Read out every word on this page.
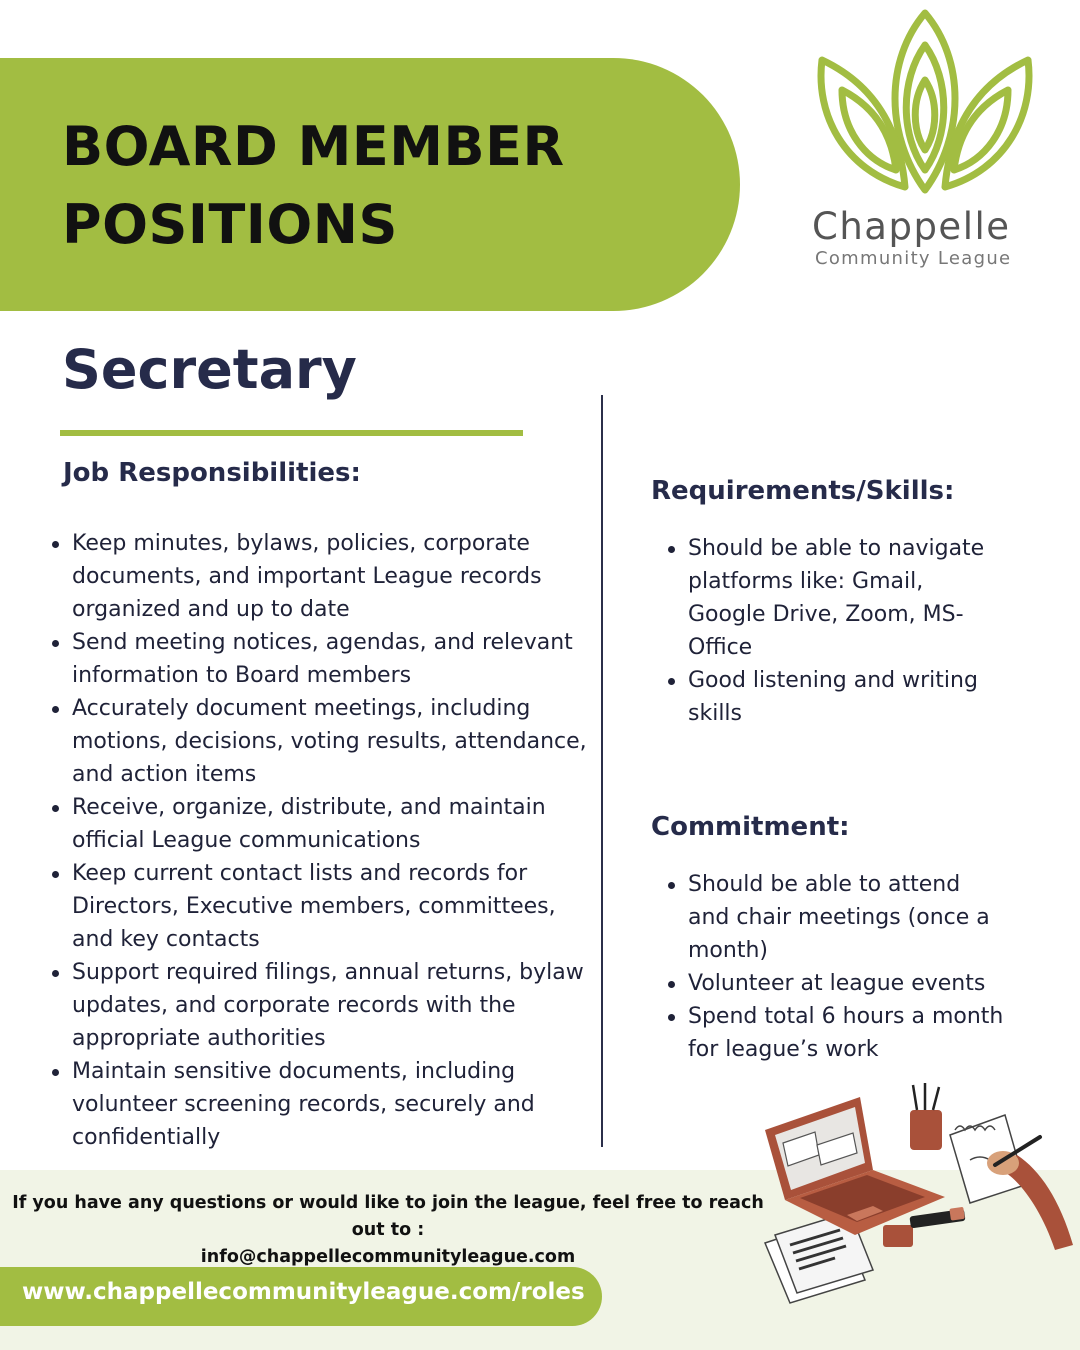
BOARD MEMBER
POSITIONS	Chappelle
Community League
Secretary
Job Responsibilities:
Keep minutes, bylaws, policies, corporate
documents, and important League records
organized and up to date
Send meeting notices, agendas, and relevant
information to Board members
Accurately document meetings, including
motions, decisions, voting results, attendance,
and action items
Receive, organize, distribute, and maintain
official League communications
Keep current contact lists and records for
Directors, Executive members, committees,
and key contacts
Support required filings, annual returns, bylaw
updates, and corporate records with the
appropriate authorities
Maintain sensitive documents, including
volunteer screening records, securely and
confidentially
Requirements/Skills:
Should be able to navigate
platforms like: Gmail,
Google Drive, Zoom, MS-
Office
Good listening and writing
skills
Commitment:
Should be able to attend
and chair meetings (once a
month)
Volunteer at league events
Spend total 6 hours a month
for league’s work
If you have any questions or would like to join the league, feel free to reach out to :
info@chappellecommunityleague.com
www.chappellecommunityleague.com/roles
